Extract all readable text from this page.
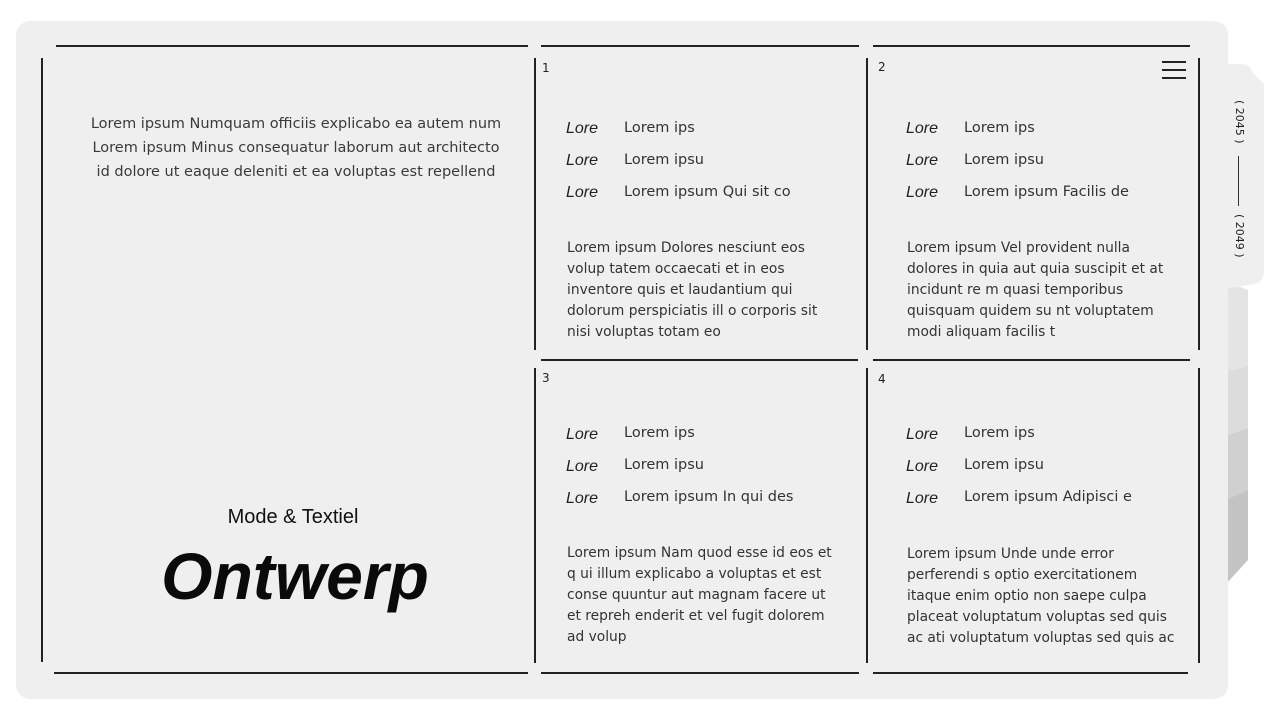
Lorem ipsum Numquam officiis explicabo ea autem num Lorem ipsum Minus consequatur laborum aut architecto id dolore ut eaque deleniti et ea voluptas est repellend

Mode & Textiel

Ontwerp
1
Lore Lorem ips
Lore Lorem ipsu
Lore Lorem ipsum Qui sit co

Lorem ipsum Dolores nesciunt eos volup tatem occaecati et in eos inventore quis et laudantium qui dolorum perspiciatis ill o corporis sit nisi voluptas totam eo

2
Lore Lorem ips
Lore Lorem ipsu
Lore Lorem ipsum Facilis de

Lorem ipsum Vel provident nulla dolores in quia aut quia suscipit et at incidunt re m quasi temporibus quisquam quidem su nt voluptatem modi aliquam facilis t

3
Lore Lorem ips
Lore Lorem ipsu
Lore Lorem ipsum In qui des

Lorem ipsum Nam quod esse id eos et q ui illum explicabo a voluptas et est conse quuntur aut magnam facere ut et repreh enderit et vel fugit dolorem ad volup

4
Lore Lorem ips
Lore Lorem ipsu
Lore Lorem ipsum Adipisci e

Lorem ipsum Unde unde error perferendi s optio exercitationem itaque enim optio non saepe culpa placeat voluptatum voluptas sed quis ac ati voluptatum voluptas sed quis ac

( 2045 )
( 2049 )
